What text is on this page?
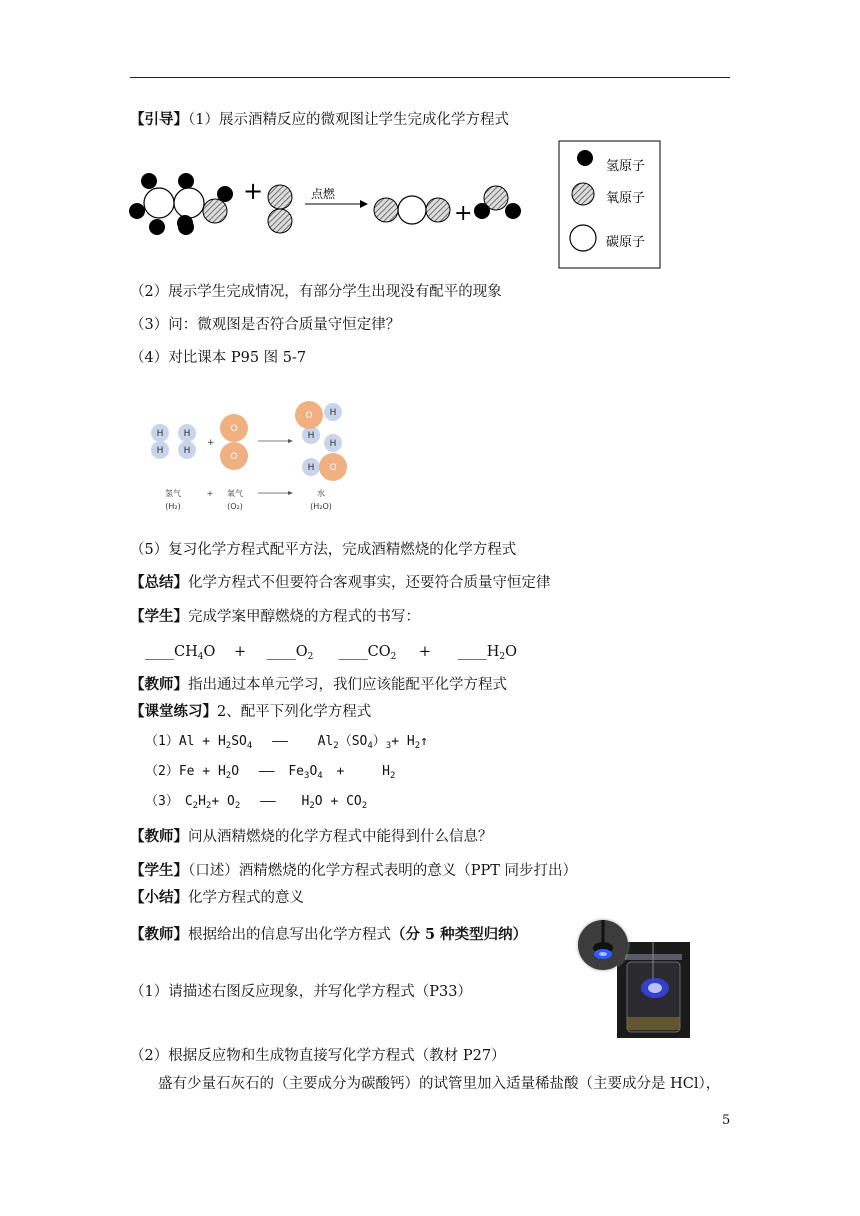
【引导】（1）展示酒精反应的微观图让学生完成化学方程式
+	点燃
+
氢原子
氧原子
碳原子
（2）展示学生完成情况，有部分学生出现没有配平的现象
（3）问：微观图是否符合质量守恒定律？
（4）对比课本 P95 图 5-7
H
H
H
H
H
H
H
H
O
O
O
O
+
氢气
(H₂)
+ 氧气
(O₂)
水
(H₂O)
（5）复习化学方程式配平方法，完成酒精燃烧的化学方程式
【总结】化学方程式不但要符合客观事实，还要符合质量守恒定律
【学生】完成学案甲醇燃烧的方程式的书写：
$\_\_\_\_CH_4O$ + $\_\_\_\_O_2$ $\_\_\_\_CO_2$ + $\_\_\_\_H_2O$
【教师】指出通过本单元学习，我们应该能配平化学方程式
【课堂练习】2、配平下列化学方程式
$(1)Al + H_2SO_4$ —— $Al_2(SO_4)_3+$ $H_2↑$
$(2)Fe + H_2O$ —— $Fe_3O_4$ +	$H_2$
（3） $C_2H_2+ O_2$ —— $H_2O + CO_2$
【教师】问从酒精燃烧的化学方程式中能得到什么信息？
【学生】（口述）酒精燃烧的化学方程式表明的意义（PPT 同步打出）
【小结】化学方程式的意义
【教师】根据给出的信息写出化学方程式（分 5 种类型归纳）
（1）请描述右图反应现象，并写化学方程式（P33）
（2）根据反应物和生成物直接写化学方程式（教材 P27）
盛有少量石灰石的（主要成分为碳酸钙）的试管里加入适量稀盐酸（主要成分是 HCl），
5
